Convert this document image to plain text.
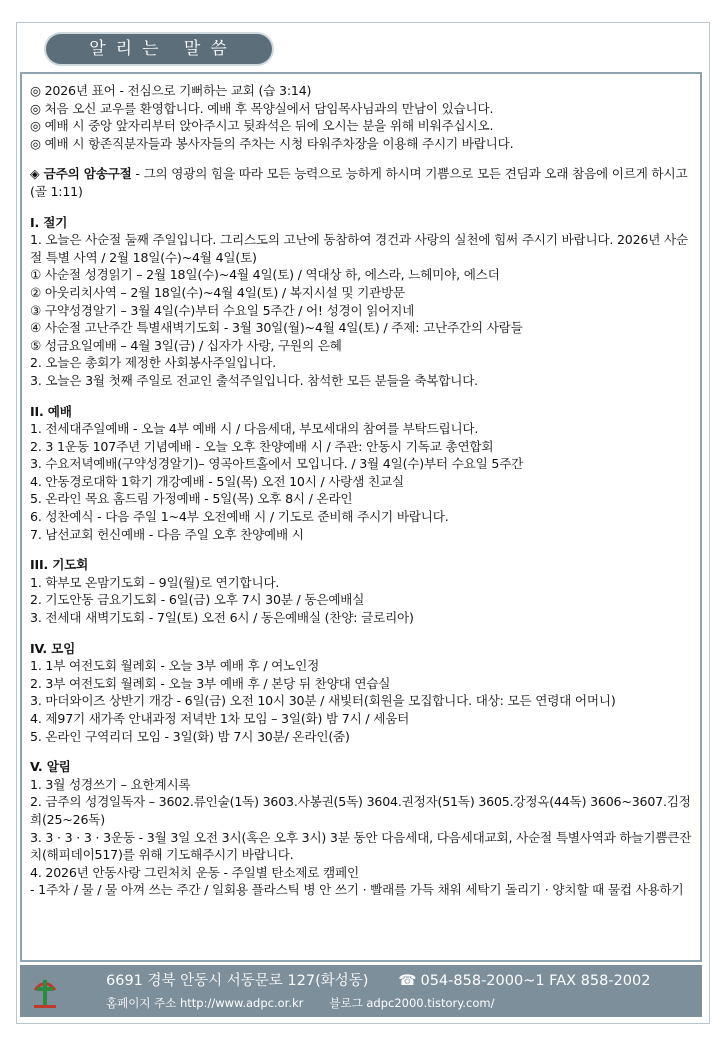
알리는 말씀

◎ 2026년 표어 - 전심으로 기뻐하는 교회 (습 3:14)

◎ 처음 오신 교우를 환영합니다. 예배 후 목양실에서 담임목사님과의 만남이 있습니다.

◎ 예배 시 중앙 앞자리부터 앉아주시고 뒷좌석은 뒤에 오시는 분을 위해 비워주십시오.

◎ 예배 시 항존직분자들과 봉사자들의 주차는 시청 타워주차장을 이용해 주시기 바랍니다.

◈ 금주의 암송구절 - 그의 영광의 힘을 따라 모든 능력으로 능하게 하시며 기쁨으로 모든 견딤과 오래 참음에 이르게 하시고(골 1:11)

I. 절기

1. 오늘은 사순절 둘째 주일입니다. 그리스도의 고난에 동참하여 경건과 사랑의 실천에 힘써 주시기 바랍니다. 2026년 사순절 특별 사역 / 2월 18일(수)~4월 4일(토)

① 사순절 성경읽기 – 2월 18일(수)~4월 4일(토) / 역대상 하, 에스라, 느헤미야, 에스더

② 아웃리치사역 – 2월 18일(수)~4월 4일(토) / 복지시설 및 기관방문

③ 구약성경알기 – 3월 4일(수)부터 수요일 5주간 / 어! 성경이 읽어지네

④ 사순절 고난주간 특별새벽기도회 - 3월 30일(월)~4월 4일(토) / 주제: 고난주간의 사람들

⑤ 성금요일예배 – 4월 3일(금) / 십자가 사랑, 구원의 은혜

2. 오늘은 총회가 제정한 사회봉사주일입니다.

3. 오늘은 3월 첫째 주일로 전교인 출석주일입니다. 참석한 모든 분들을 축복합니다.

II. 예배

1. 전세대주일예배 - 오늘 4부 예배 시 / 다음세대, 부모세대의 참여를 부탁드립니다.

2. 3 1운동 107주년 기념예배 - 오늘 오후 찬양예배 시 / 주관: 안동시 기독교 총연합회

3. 수요저녁예배(구약성경알기)– 영곡아트홀에서 모입니다. / 3월 4일(수)부터 수요일 5주간

4. 안동경로대학 1학기 개강예배 - 5일(목) 오전 10시 / 사랑샘 친교실

5. 온라인 목요 홈드림 가정예배 - 5일(목) 오후 8시 / 온라인

6. 성찬예식 - 다음 주일 1~4부 오전예배 시 / 기도로 준비해 주시기 바랍니다.

7. 남선교회 헌신예배 - 다음 주일 오후 찬양예배 시

III. 기도회

1. 학부모 온맘기도회 – 9일(월)로 연기합니다.

2. 기도안동 금요기도회 - 6일(금) 오후 7시 30분 / 동은예배실

3. 전세대 새벽기도회 - 7일(토) 오전 6시 / 동은예배실 (찬양: 글로리아)

IV. 모임

1. 1부 여전도회 월례회 - 오늘 3부 예배 후 / 여노인정

2. 3부 여전도회 월례회 - 오늘 3부 예배 후 / 본당 뒤 찬양대 연습실

3. 마더와이즈 상반기 개강 - 6일(금) 오전 10시 30분 / 새빛터(회원을 모집합니다. 대상: 모든 연령대 어머니)

4. 제97기 새가족 안내과정 저녁반 1차 모임 – 3일(화) 밤 7시 / 세움터

5. 온라인 구역리더 모임 - 3일(화) 밤 7시 30분/ 온라인(줌)

V. 알림

1. 3월 성경쓰기 – 요한계시록

2. 금주의 성경일독자 – 3602.류인술(1독) 3603.사봉권(5독) 3604.권정자(51독) 3605.강정옥(44독) 3606~3607.김정희(25~26독)

3. 3 · 3 · 3 · 3운동 - 3월 3일 오전 3시(혹은 오후 3시) 3분 동안 다음세대, 다음세대교회, 사순절 특별사역과 하늘기쁨큰잔치(해피데이517)를 위해 기도해주시기 바랍니다.

4. 2026년 안동사랑 그린처치 운동 - 주일별 탄소제로 캠페인

- 1주차 / 물 / 물 아껴 쓰는 주간 / 일회용 플라스틱 병 안 쓰기 · 빨래를 가득 채워 세탁기 돌리기 · 양치할 때 물컵 사용하기

6691 경북 안동시 서동문로 127(화성동) ☎ 054-858-2000~1 FAX 858-2002
홈페이지 주소 http://www.adpc.or.kr 블로그 adpc2000.tistory.com/
